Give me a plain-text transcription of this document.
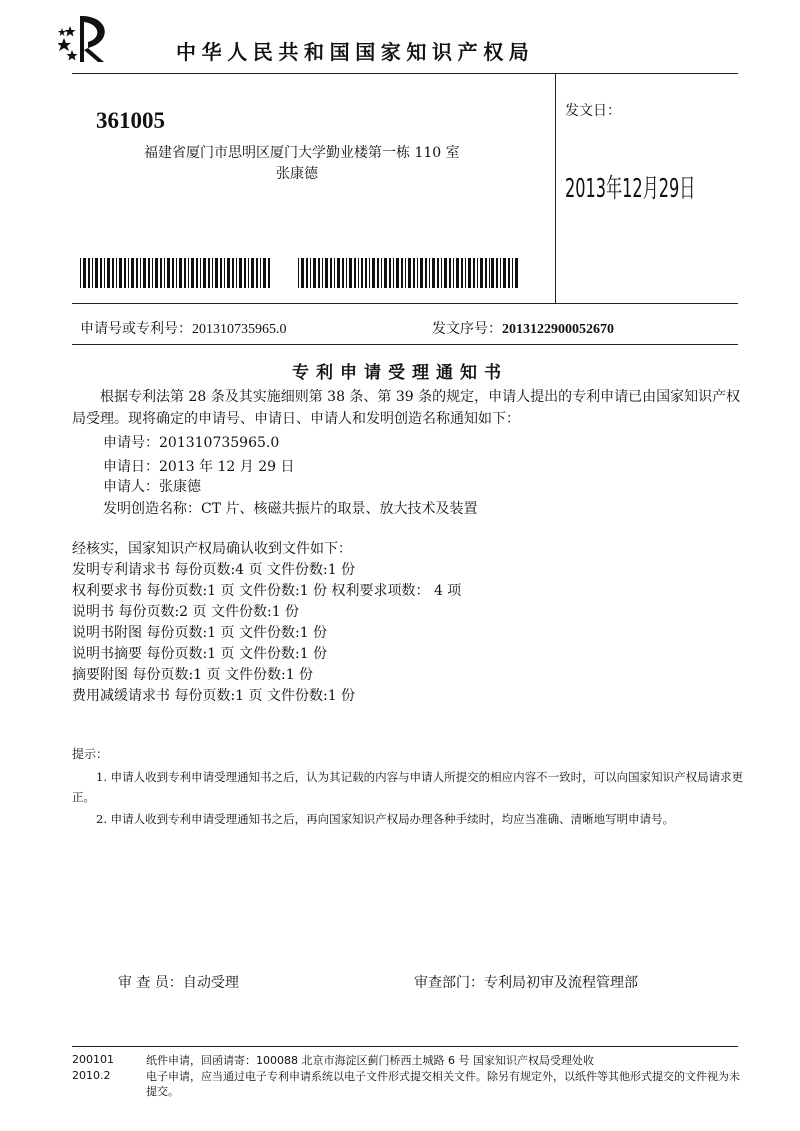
中华人民共和国国家知识产权局
361005
福建省厦门市思明区厦门大学勤业楼第一栋 110 室
张康德
发文日：
2013年12月29日
申请号或专利号：201310735965.0	发文序号：2013122900052670
专利申请受理通知书
根据专利法第 28 条及其实施细则第 38 条、第 39 条的规定，申请人提出的专利申请已由国家知识产权局受理。现将确定的申请号、申请日、申请人和发明创造名称通知如下：
申请号：201310735965.0
申请日：2013 年 12 月 29 日
申请人：张康德
发明创造名称：CT 片、核磁共振片的取景、放大技术及装置
经核实，国家知识产权局确认收到文件如下：
发明专利请求书 每份页数:4 页 文件份数:1 份
权利要求书 每份页数:1 页 文件份数:1 份 权利要求项数： 4 项
说明书 每份页数:2 页 文件份数:1 份
说明书附图 每份页数:1 页 文件份数:1 份
说明书摘要 每份页数:1 页 文件份数:1 份
摘要附图 每份页数:1 页 文件份数:1 份
费用减缓请求书 每份页数:1 页 文件份数:1 份
提示：
1. 申请人收到专利申请受理通知书之后，认为其记载的内容与申请人所提交的相应内容不一致时，可以向国家知识产权局请求更正。
2. 申请人收到专利申请受理通知书之后，再向国家知识产权局办理各种手续时，均应当准确、清晰地写明申请号。
审 查 员：自动受理	审查部门：专利局初审及流程管理部
200101	纸件申请，回函请寄：100088 北京市海淀区蓟门桥西土城路 6 号 国家知识产权局受理处收
2010.2	电子申请，应当通过电子专利申请系统以电子文件形式提交相关文件。除另有规定外，以纸件等其他形式提交的文件视为未提交。
